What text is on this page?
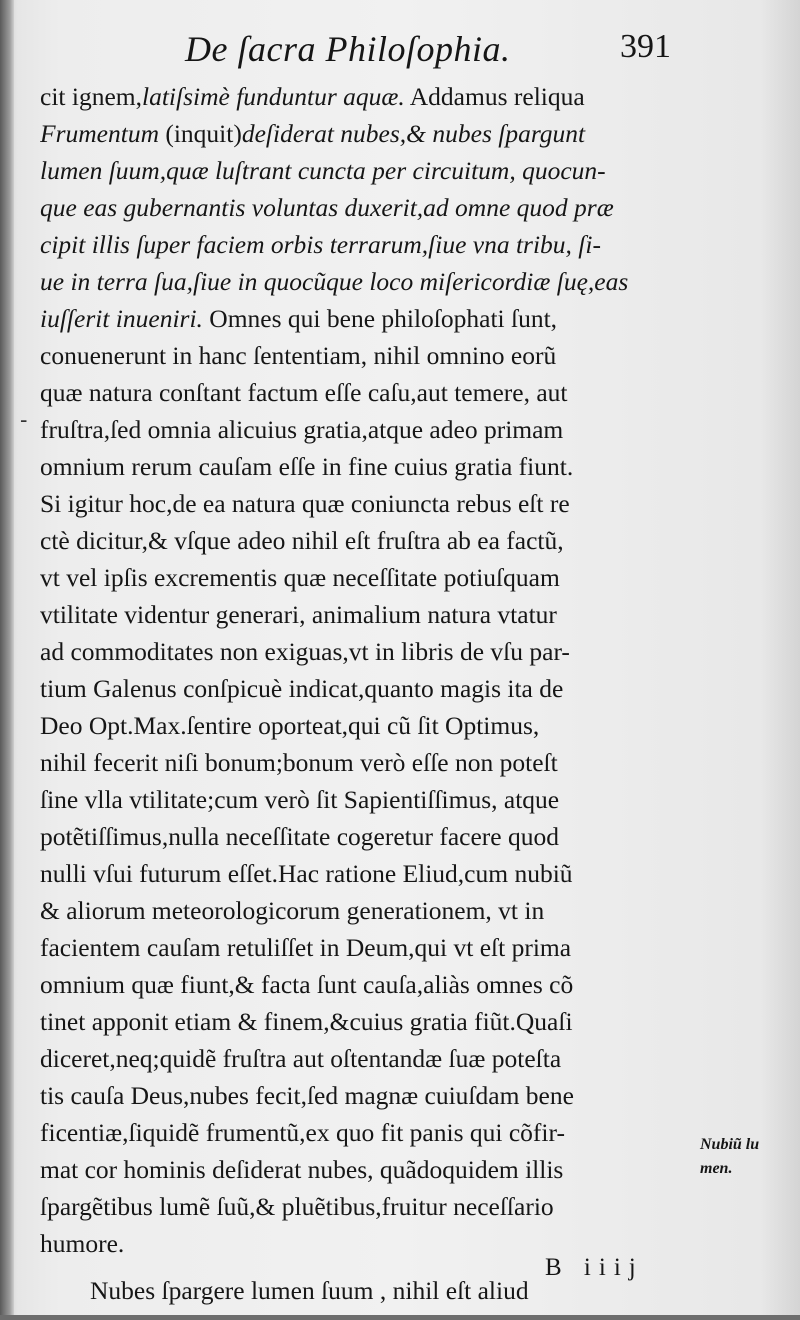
De ſacra Philoſophia.	391
-
cit ignem,latiſsimè funduntur aquæ. Addamus reliqua
Frumentum (inquit)deſiderat nubes,& nubes ſpargunt
lumen ſuum,quæ luſtrant cuncta per circuitum, quocun-
que eas gubernantis voluntas duxerit,ad omne quod præ
cipit illis ſuper faciem orbis terrarum,ſiue vna tribu, ſi-
ue in terra ſua,ſiue in quocũque loco miſericordiæ ſuę,eas
iuſſerit inueniri. Omnes qui bene philoſophati ſunt,
conuenerunt in hanc ſententiam, nihil omnino eorũ
quæ natura conſtant factum eſſe caſu,aut temere, aut
fruſtra,ſed omnia alicuius gratia,atque adeo primam
omnium rerum cauſam eſſe in fine cuius gratia fiunt.
Si igitur hoc,de ea natura quæ coniuncta rebus eſt re
ctè dicitur,& vſque adeo nihil eſt fruſtra ab ea factũ,
vt vel ipſis excrementis quæ neceſſitate potiuſquam
vtilitate videntur generari, animalium natura vtatur
ad commoditates non exiguas,vt in libris de vſu par-
tium Galenus conſpicuè indicat,quanto magis ita de
Deo Opt.Max.ſentire oporteat,qui cũ ſit Optimus,
nihil fecerit niſi bonum;bonum verò eſſe non poteſt
ſine vlla vtilitate;cum verò ſit Sapientiſſimus, atque
potẽtiſſimus,nulla neceſſitate cogeretur facere quod
nulli vſui futurum eſſet.Hac ratione Eliud,cum nubiũ
& aliorum meteorologicorum generationem, vt in
facientem cauſam retuliſſet in Deum,qui vt eſt prima
omnium quæ fiunt,& facta ſunt cauſa,aliàs omnes cõ
tinet apponit etiam & finem,&cuius gratia fiũt.Quaſi
diceret,neq;quidẽ fruſtra aut oſtentandæ ſuæ poteſta
tis cauſa Deus,nubes fecit,ſed magnæ cuiuſdam bene
ficentiæ,ſiquidẽ frumentũ,ex quo fit panis qui cõfir-
mat cor hominis deſiderat nubes, quãdoquidem illis
ſpargẽtibus lumẽ ſuũ,& pluẽtibus,fruitur neceſſario
humore.
Nubes ſpargere lumen ſuum , nihil eſt aliud
Nubiũ lu
men.
B iiij
